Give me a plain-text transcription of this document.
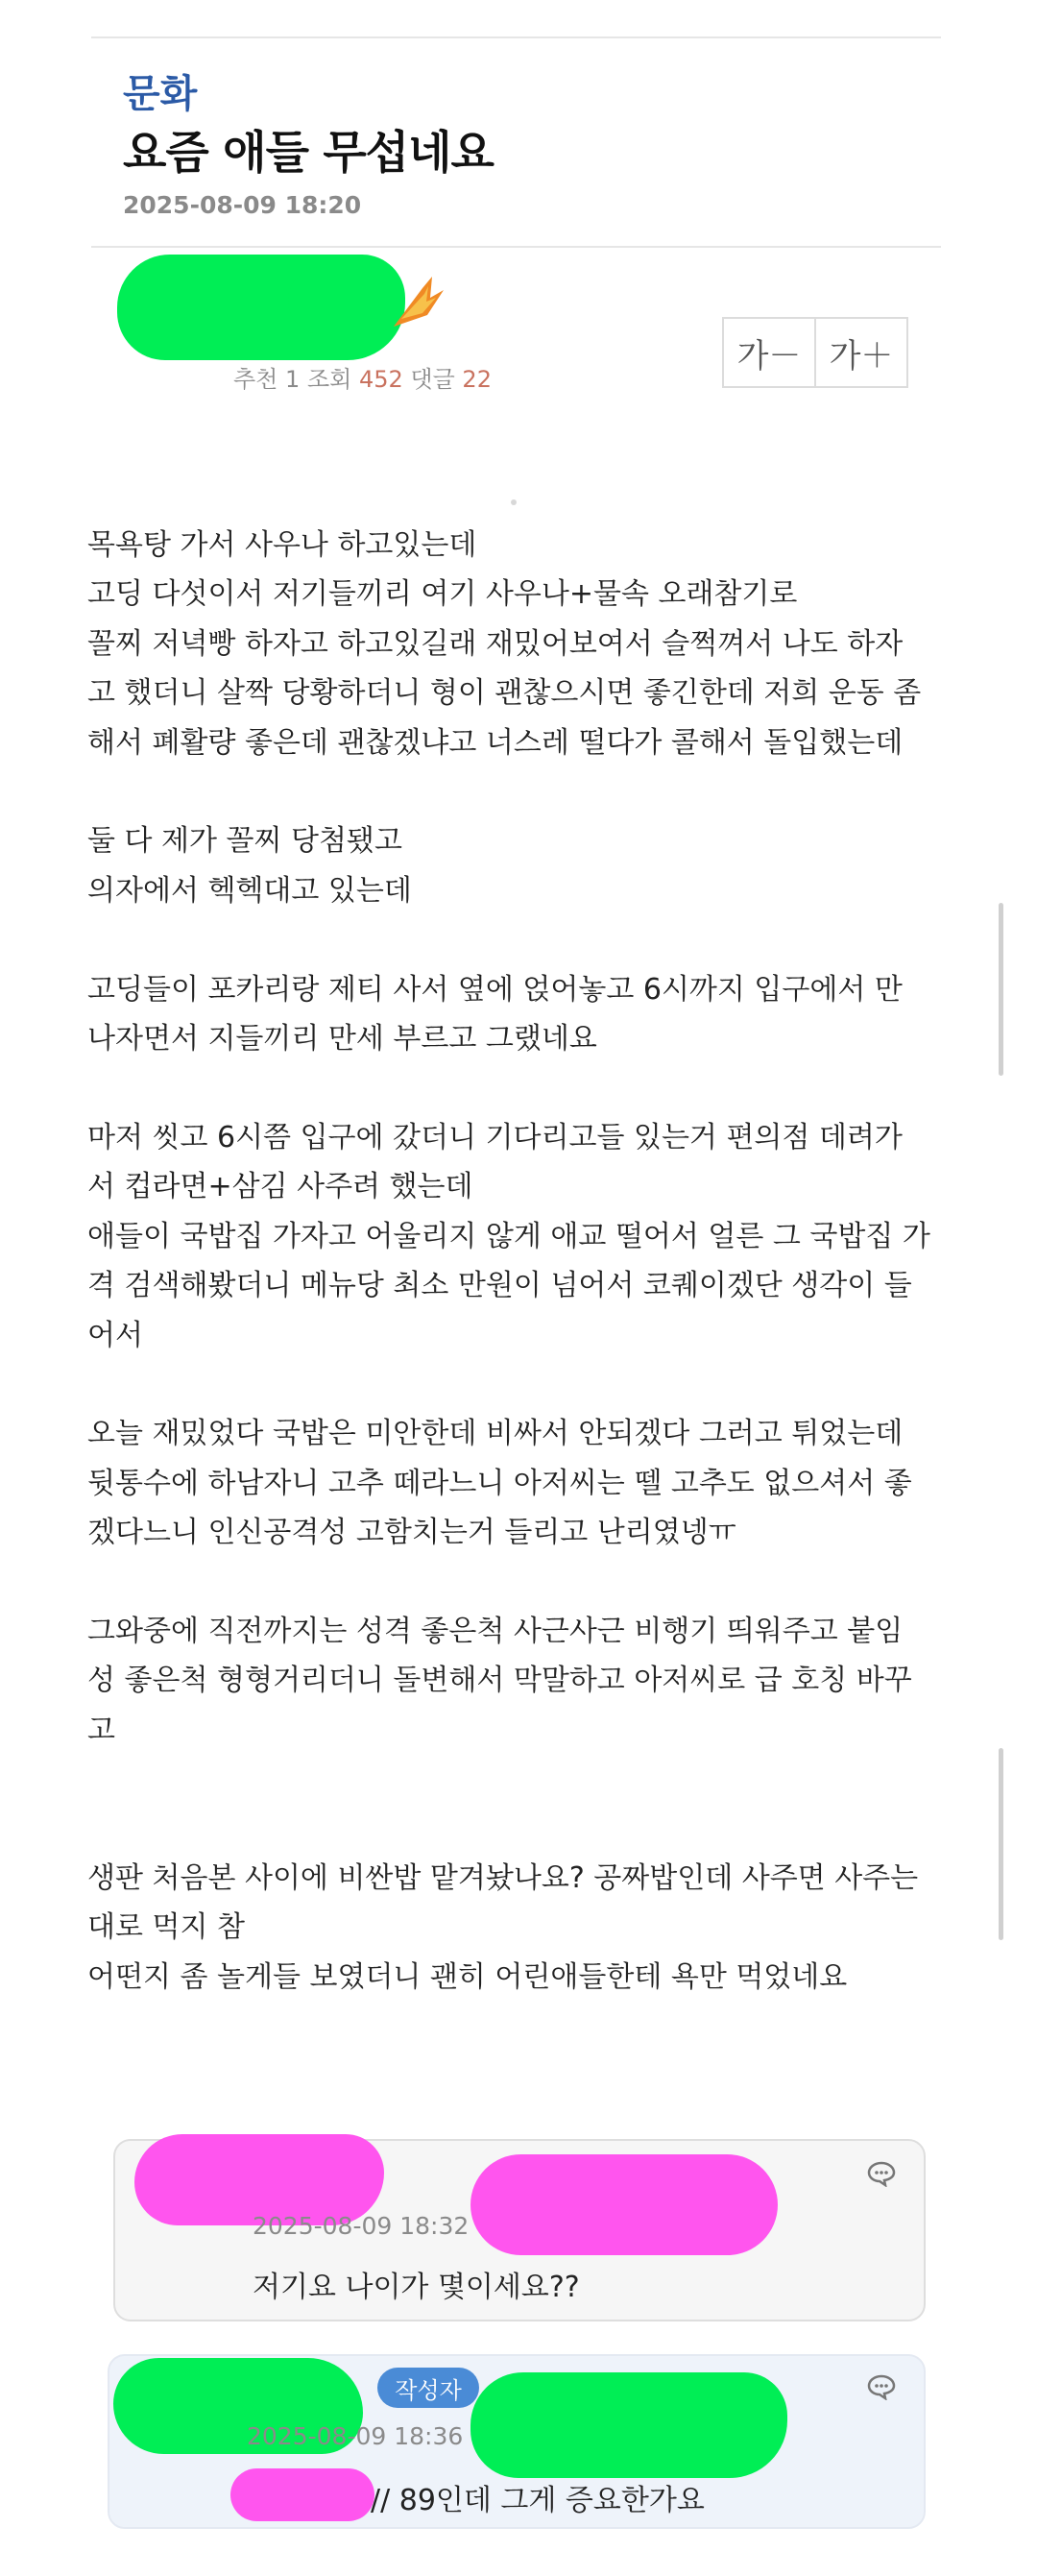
문화
요즘 애들 무섭네요
2025-08-09 18:20
추천 1 조회 452 댓글 22
가－ 가＋
목욕탕 가서 사우나 하고있는데
고딩 다섯이서 저기들끼리 여기 사우나+물속 오래참기로
꼴찌 저녁빵 하자고 하고있길래 재밌어보여서 슬쩍껴서 나도 하자
고 했더니 살짝 당황하더니 형이 괜찮으시면 좋긴한데 저희 운동 좀
해서 폐활량 좋은데 괜찮겠냐고 너스레 떨다가 콜해서 돌입했는데

둘 다 제가 꼴찌 당첨됐고
의자에서 헥헥대고 있는데

고딩들이 포카리랑 제티 사서 옆에 얹어놓고 6시까지 입구에서 만
나자면서 지들끼리 만세 부르고 그랬네요

마저 씻고 6시쯤 입구에 갔더니 기다리고들 있는거 편의점 데려가
서 컵라면+삼김 사주려 했는데
애들이 국밥집 가자고 어울리지 않게 애교 떨어서 얼른 그 국밥집 가
격 검색해봤더니 메뉴당 최소 만원이 넘어서 코퀘이겠단 생각이 들
어서

오늘 재밌었다 국밥은 미안한데 비싸서 안되겠다 그러고 튀었는데
뒷통수에 하남자니 고추 떼라느니 아저씨는 뗄 고추도 없으셔서 좋
겠다느니 인신공격성 고함치는거 들리고 난리였넹ㅠ

그와중에 직전까지는 성격 좋은척 사근사근 비행기 띄워주고 붙임
성 좋은척 형형거리더니 돌변해서 막말하고 아저씨로 급 호칭 바꾸
고

생판 처음본 사이에 비싼밥 맡겨놨나요? 공짜밥인데 사주면 사주는
대로 먹지 참
어떤지 좀 놀게들 보였더니 괜히 어린애들한테 욕만 먹었네요
2025-08-09 18:32
저기요 나이가 몇이세요??
작성자
2025-08-09 18:36
// 89인데 그게 증요한가요
